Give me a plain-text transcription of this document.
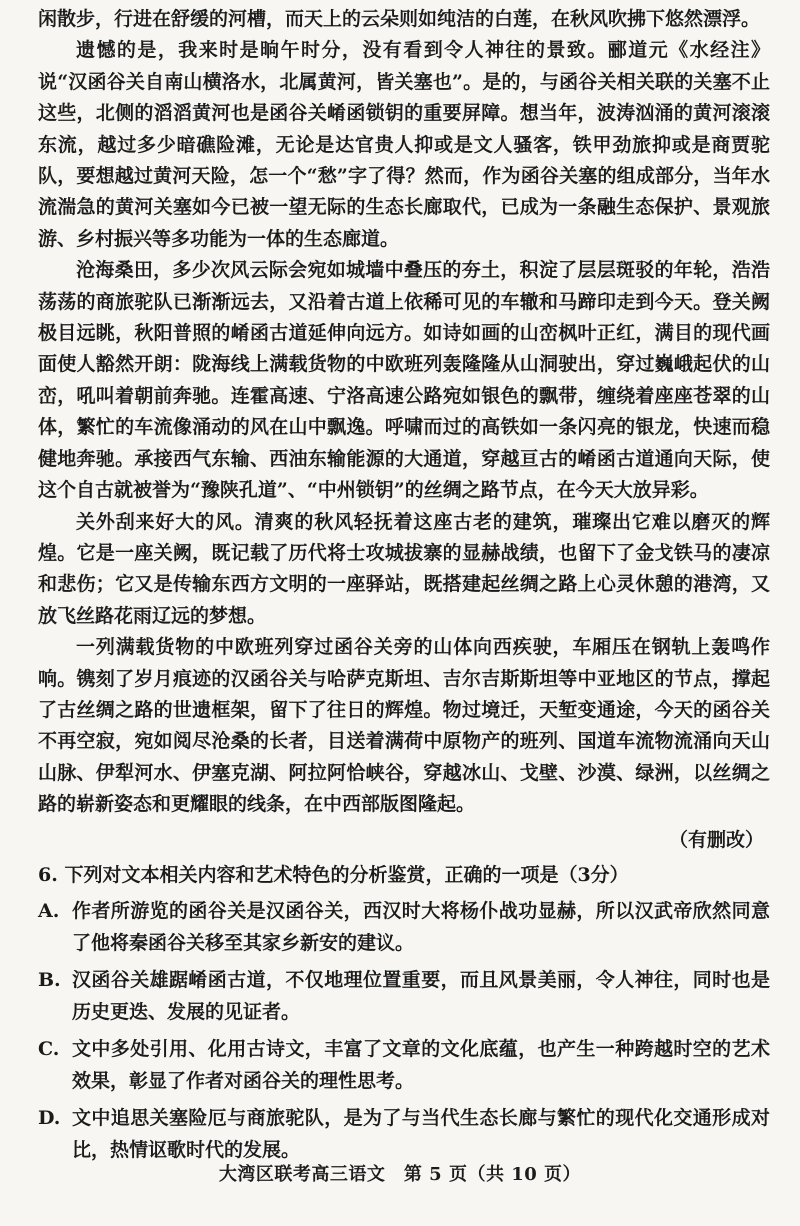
闲散步，行进在舒缓的河槽，而天上的云朵则如纯洁的白莲，在秋风吹拂下悠然漂浮。

遗憾的是，我来时是晌午时分，没有看到令人神往的景致。郦道元《水经注》说“汉函谷关自南山横洛水，北属黄河，皆关塞也”。是的，与函谷关相关联的关塞不止这些，北侧的滔滔黄河也是函谷关崤函锁钥的重要屏障。想当年，波涛汹涌的黄河滚滚东流，越过多少暗礁险滩，无论是达官贵人抑或是文人骚客，铁甲劲旅抑或是商贾驼队，要想越过黄河天险，怎一个“愁”字了得？然而，作为函谷关塞的组成部分，当年水流湍急的黄河关塞如今已被一望无际的生态长廊取代，已成为一条融生态保护、景观旅游、乡村振兴等多功能为一体的生态廊道。

沧海桑田，多少次风云际会宛如城墙中叠压的夯土，积淀了层层斑驳的年轮，浩浩荡荡的商旅驼队已渐渐远去，又沿着古道上依稀可见的车辙和马蹄印走到今天。登关阙极目远眺，秋阳普照的崤函古道延伸向远方。如诗如画的山峦枫叶正红，满目的现代画面使人豁然开朗：陇海线上满载货物的中欧班列轰隆隆从山洞驶出，穿过巍峨起伏的山峦，吼叫着朝前奔驰。连霍高速、宁洛高速公路宛如银色的飘带，缠绕着座座苍翠的山体，繁忙的车流像涌动的风在山中飘逸。呼啸而过的高铁如一条闪亮的银龙，快速而稳健地奔驰。承接西气东输、西油东输能源的大通道，穿越亘古的崤函古道通向天际，使这个自古就被誉为“豫陕孔道”、“中州锁钥”的丝绸之路节点，在今天大放异彩。

关外刮来好大的风。清爽的秋风轻抚着这座古老的建筑，璀璨出它难以磨灭的辉煌。它是一座关阙，既记载了历代将士攻城拔寨的显赫战绩，也留下了金戈铁马的凄凉和悲伤；它又是传输东西方文明的一座驿站，既搭建起丝绸之路上心灵休憩的港湾，又放飞丝路花雨辽远的梦想。

一列满载货物的中欧班列穿过函谷关旁的山体向西疾驶，车厢压在钢轨上轰鸣作响。镌刻了岁月痕迹的汉函谷关与哈萨克斯坦、吉尔吉斯斯坦等中亚地区的节点，撑起了古丝绸之路的世遗框架，留下了往日的辉煌。物过境迁，天堑变通途，今天的函谷关不再空寂，宛如阅尽沧桑的长者，目送着满荷中原物产的班列、国道车流物流涌向天山山脉、伊犁河水、伊塞克湖、阿拉阿恰峡谷，穿越冰山、戈壁、沙漠、绿洲，以丝绸之路的崭新姿态和更耀眼的线条，在中西部版图隆起。

（有删改）
6. 下列对文本相关内容和艺术特色的分析鉴赏，正确的一项是（3分）
A. 作者所游览的函谷关是汉函谷关，西汉时大将杨仆战功显赫，所以汉武帝欣然同意了他将秦函谷关移至其家乡新安的建议。
B. 汉函谷关雄踞崤函古道，不仅地理位置重要，而且风景美丽，令人神往，同时也是历史更迭、发展的见证者。
C. 文中多处引用、化用古诗文，丰富了文章的文化底蕴，也产生一种跨越时空的艺术效果，彰显了作者对函谷关的理性思考。
D. 文中追思关塞险厄与商旅驼队，是为了与当代生态长廊与繁忙的现代化交通形成对比，热情讴歌时代的发展。
大湾区联考高三语文　第 5 页（共 10 页）
